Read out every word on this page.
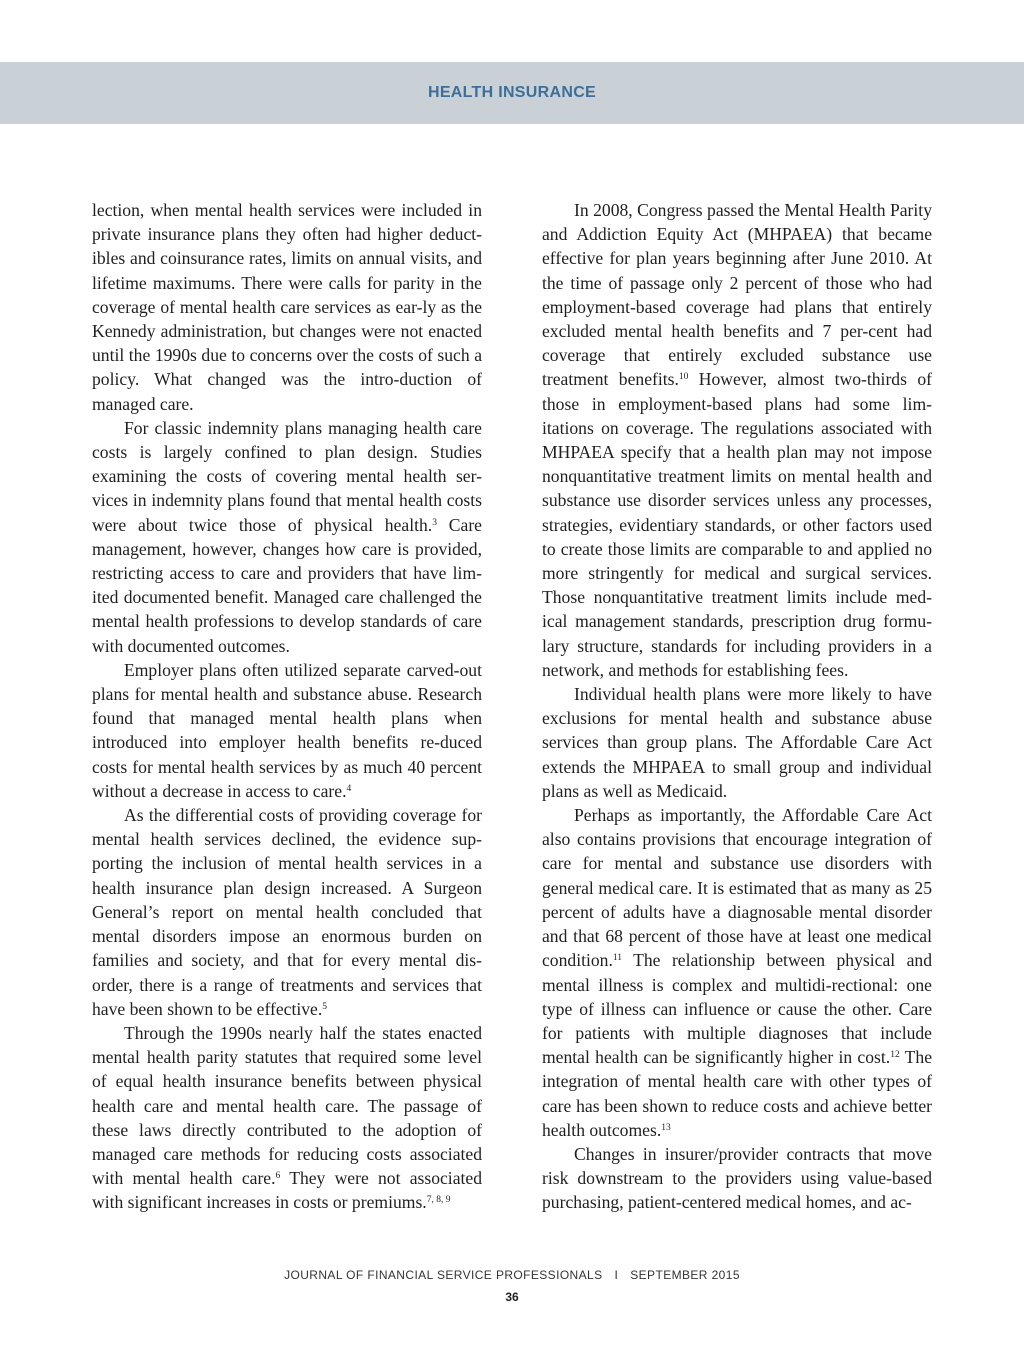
HEALTH INSURANCE

lection, when mental health services were included in private insurance plans they often had higher deduct-ibles and coinsurance rates, limits on annual visits, and lifetime maximums. There were calls for parity in the coverage of mental health care services as ear-ly as the Kennedy administration, but changes were not enacted until the 1990s due to concerns over the costs of such a policy. What changed was the intro-duction of managed care.

For classic indemnity plans managing health care costs is largely confined to plan design. Studies examining the costs of covering mental health ser-vices in indemnity plans found that mental health costs were about twice those of physical health.$^3$ Care management, however, changes how care is provided, restricting access to care and providers that have lim-ited documented benefit. Managed care challenged the mental health professions to develop standards of care with documented outcomes.

Employer plans often utilized separate carved-out plans for mental health and substance abuse. Research found that managed mental health plans when introduced into employer health benefits re-duced costs for mental health services by as much 40 percent without a decrease in access to care.$^4$

As the differential costs of providing coverage for mental health services declined, the evidence sup-porting the inclusion of mental health services in a health insurance plan design increased. A Surgeon General’s report on mental health concluded that mental disorders impose an enormous burden on families and society, and that for every mental dis-order, there is a range of treatments and services that have been shown to be effective.$^5$

Through the 1990s nearly half the states enacted mental health parity statutes that required some level of equal health insurance benefits between physical health care and mental health care. The passage of these laws directly contributed to the adoption of managed care methods for reducing costs associated with mental health care.$^6$ They were not associated with significant increases in costs or premiums.$^{7, 8, 9}$

In 2008, Congress passed the Mental Health Parity and Addiction Equity Act (MHPAEA) that became effective for plan years beginning after June 2010. At the time of passage only 2 percent of those who had employment-based coverage had plans that entirely excluded mental health benefits and 7 per-cent had coverage that entirely excluded substance use treatment benefits.$^{10}$ However, almost two-thirds of those in employment-based plans had some lim-itations on coverage. The regulations associated with MHPAEA specify that a health plan may not impose nonquantitative treatment limits on mental health and substance use disorder services unless any processes, strategies, evidentiary standards, or other factors used to create those limits are comparable to and applied no more stringently for medical and surgical services. Those nonquantitative treatment limits include med-ical management standards, prescription drug formu-lary structure, standards for including providers in a network, and methods for establishing fees.

Individual health plans were more likely to have exclusions for mental health and substance abuse services than group plans. The Affordable Care Act extends the MHPAEA to small group and individual plans as well as Medicaid.

Perhaps as importantly, the Affordable Care Act also contains provisions that encourage integration of care for mental and substance use disorders with general medical care. It is estimated that as many as 25 percent of adults have a diagnosable mental disorder and that 68 percent of those have at least one medical condition.$^{11}$ The relationship between physical and mental illness is complex and multidi-rectional: one type of illness can influence or cause the other. Care for patients with multiple diagnoses that include mental health can be significantly higher in cost.$^{12}$ The integration of mental health care with other types of care has been shown to reduce costs and achieve better health outcomes.$^{13}$

Changes in insurer/provider contracts that move risk downstream to the providers using value-based purchasing, patient-centered medical homes, and ac-

JOURNAL OF FINANCIAL SERVICE PROFESSIONALS I SEPTEMBER 2015
36
